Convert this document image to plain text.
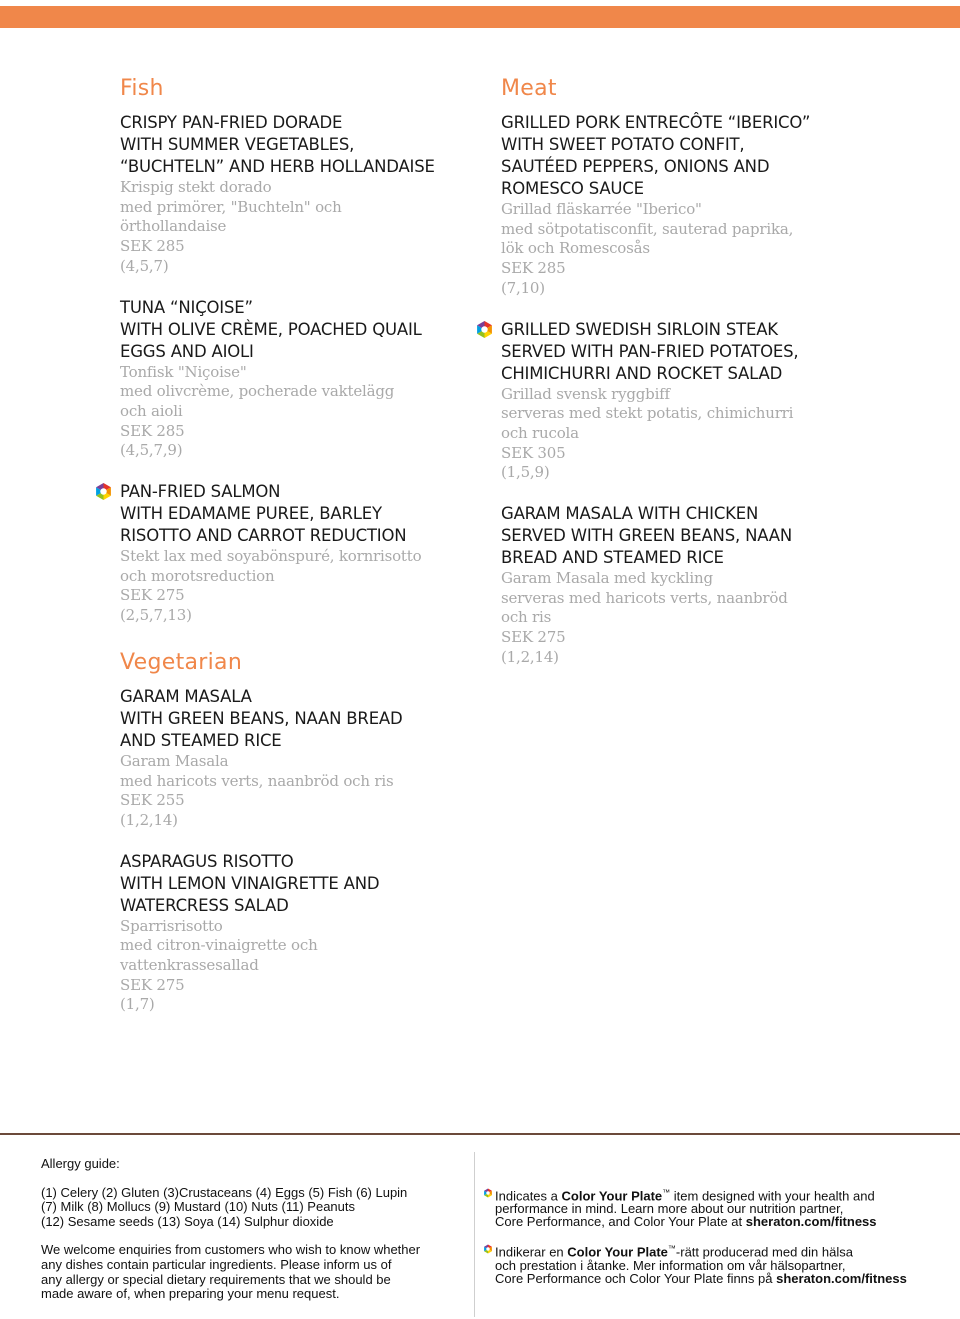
Fish
CRISPY PAN-FRIED DORADE
WITH SUMMER VEGETABLES,
“BUCHTELN” AND HERB HOLLANDAISE
Krispig stekt dorado
med primörer, "Buchteln" och
örthollandaise
SEK 285
(4,5,7)
TUNA “NIÇOISE”
WITH OLIVE CRÈME, POACHED QUAIL
EGGS AND AIOLI
Tonfisk "Niçoise"
med olivcrème, pocherade vaktelägg
och aioli
SEK 285
(4,5,7,9)
PAN-FRIED SALMON
WITH EDAMAME PUREE, BARLEY
RISOTTO AND CARROT REDUCTION
Stekt lax med soyabönspuré, kornrisotto
och morotsreduction
SEK 275
(2,5,7,13)
Vegetarian
GARAM MASALA
WITH GREEN BEANS, NAAN BREAD
AND STEAMED RICE
Garam Masala
med haricots verts, naanbröd och ris
SEK 255
(1,2,14)
ASPARAGUS RISOTTO
WITH LEMON VINAIGRETTE AND
WATERCRESS SALAD
Sparrisrisotto
med citron-vinaigrette och
vattenkrassesallad
SEK 275
(1,7)
Meat
GRILLED PORK ENTRECÔTE “IBERICO”
WITH SWEET POTATO CONFIT,
SAUTÉED PEPPERS, ONIONS AND
ROMESCO SAUCE
Grillad fläskarrée "Iberico"
med sötpotatisconfit, sauterad paprika,
lök och Romescosås
SEK 285
(7,10)
GRILLED SWEDISH SIRLOIN STEAK
SERVED WITH PAN-FRIED POTATOES,
CHIMICHURRI AND ROCKET SALAD
Grillad svensk ryggbiff
serveras med stekt potatis, chimichurri
och rucola
SEK 305
(1,5,9)
GARAM MASALA WITH CHICKEN
SERVED WITH GREEN BEANS, NAAN
BREAD AND STEAMED RICE
Garam Masala med kyckling
serveras med haricots verts, naanbröd
och ris
SEK 275
(1,2,14)

Allergy guide:

(1) Celery (2) Gluten (3)Crustaceans (4) Eggs (5) Fish (6) Lupin
(7) Milk (8) Mollucs (9) Mustard (10) Nuts (11) Peanuts
(12) Sesame seeds (13) Soya (14) Sulphur dioxide

We welcome enquiries from customers who wish to know whether
any dishes contain particular ingredients. Please inform us of
any allergy or special dietary requirements that we should be
made aware of, when preparing your menu request.

Indicates a Color Your Plate™ item designed with your health and
performance in mind. Learn more about our nutrition partner,
Core Performance, and Color Your Plate at sheraton.com/fitness
Indikerar en Color Your Plate™-rätt producerad med din hälsa
och prestation i åtanke. Mer information om vår hälsopartner,
Core Performance och Color Your Plate finns på sheraton.com/fitness
